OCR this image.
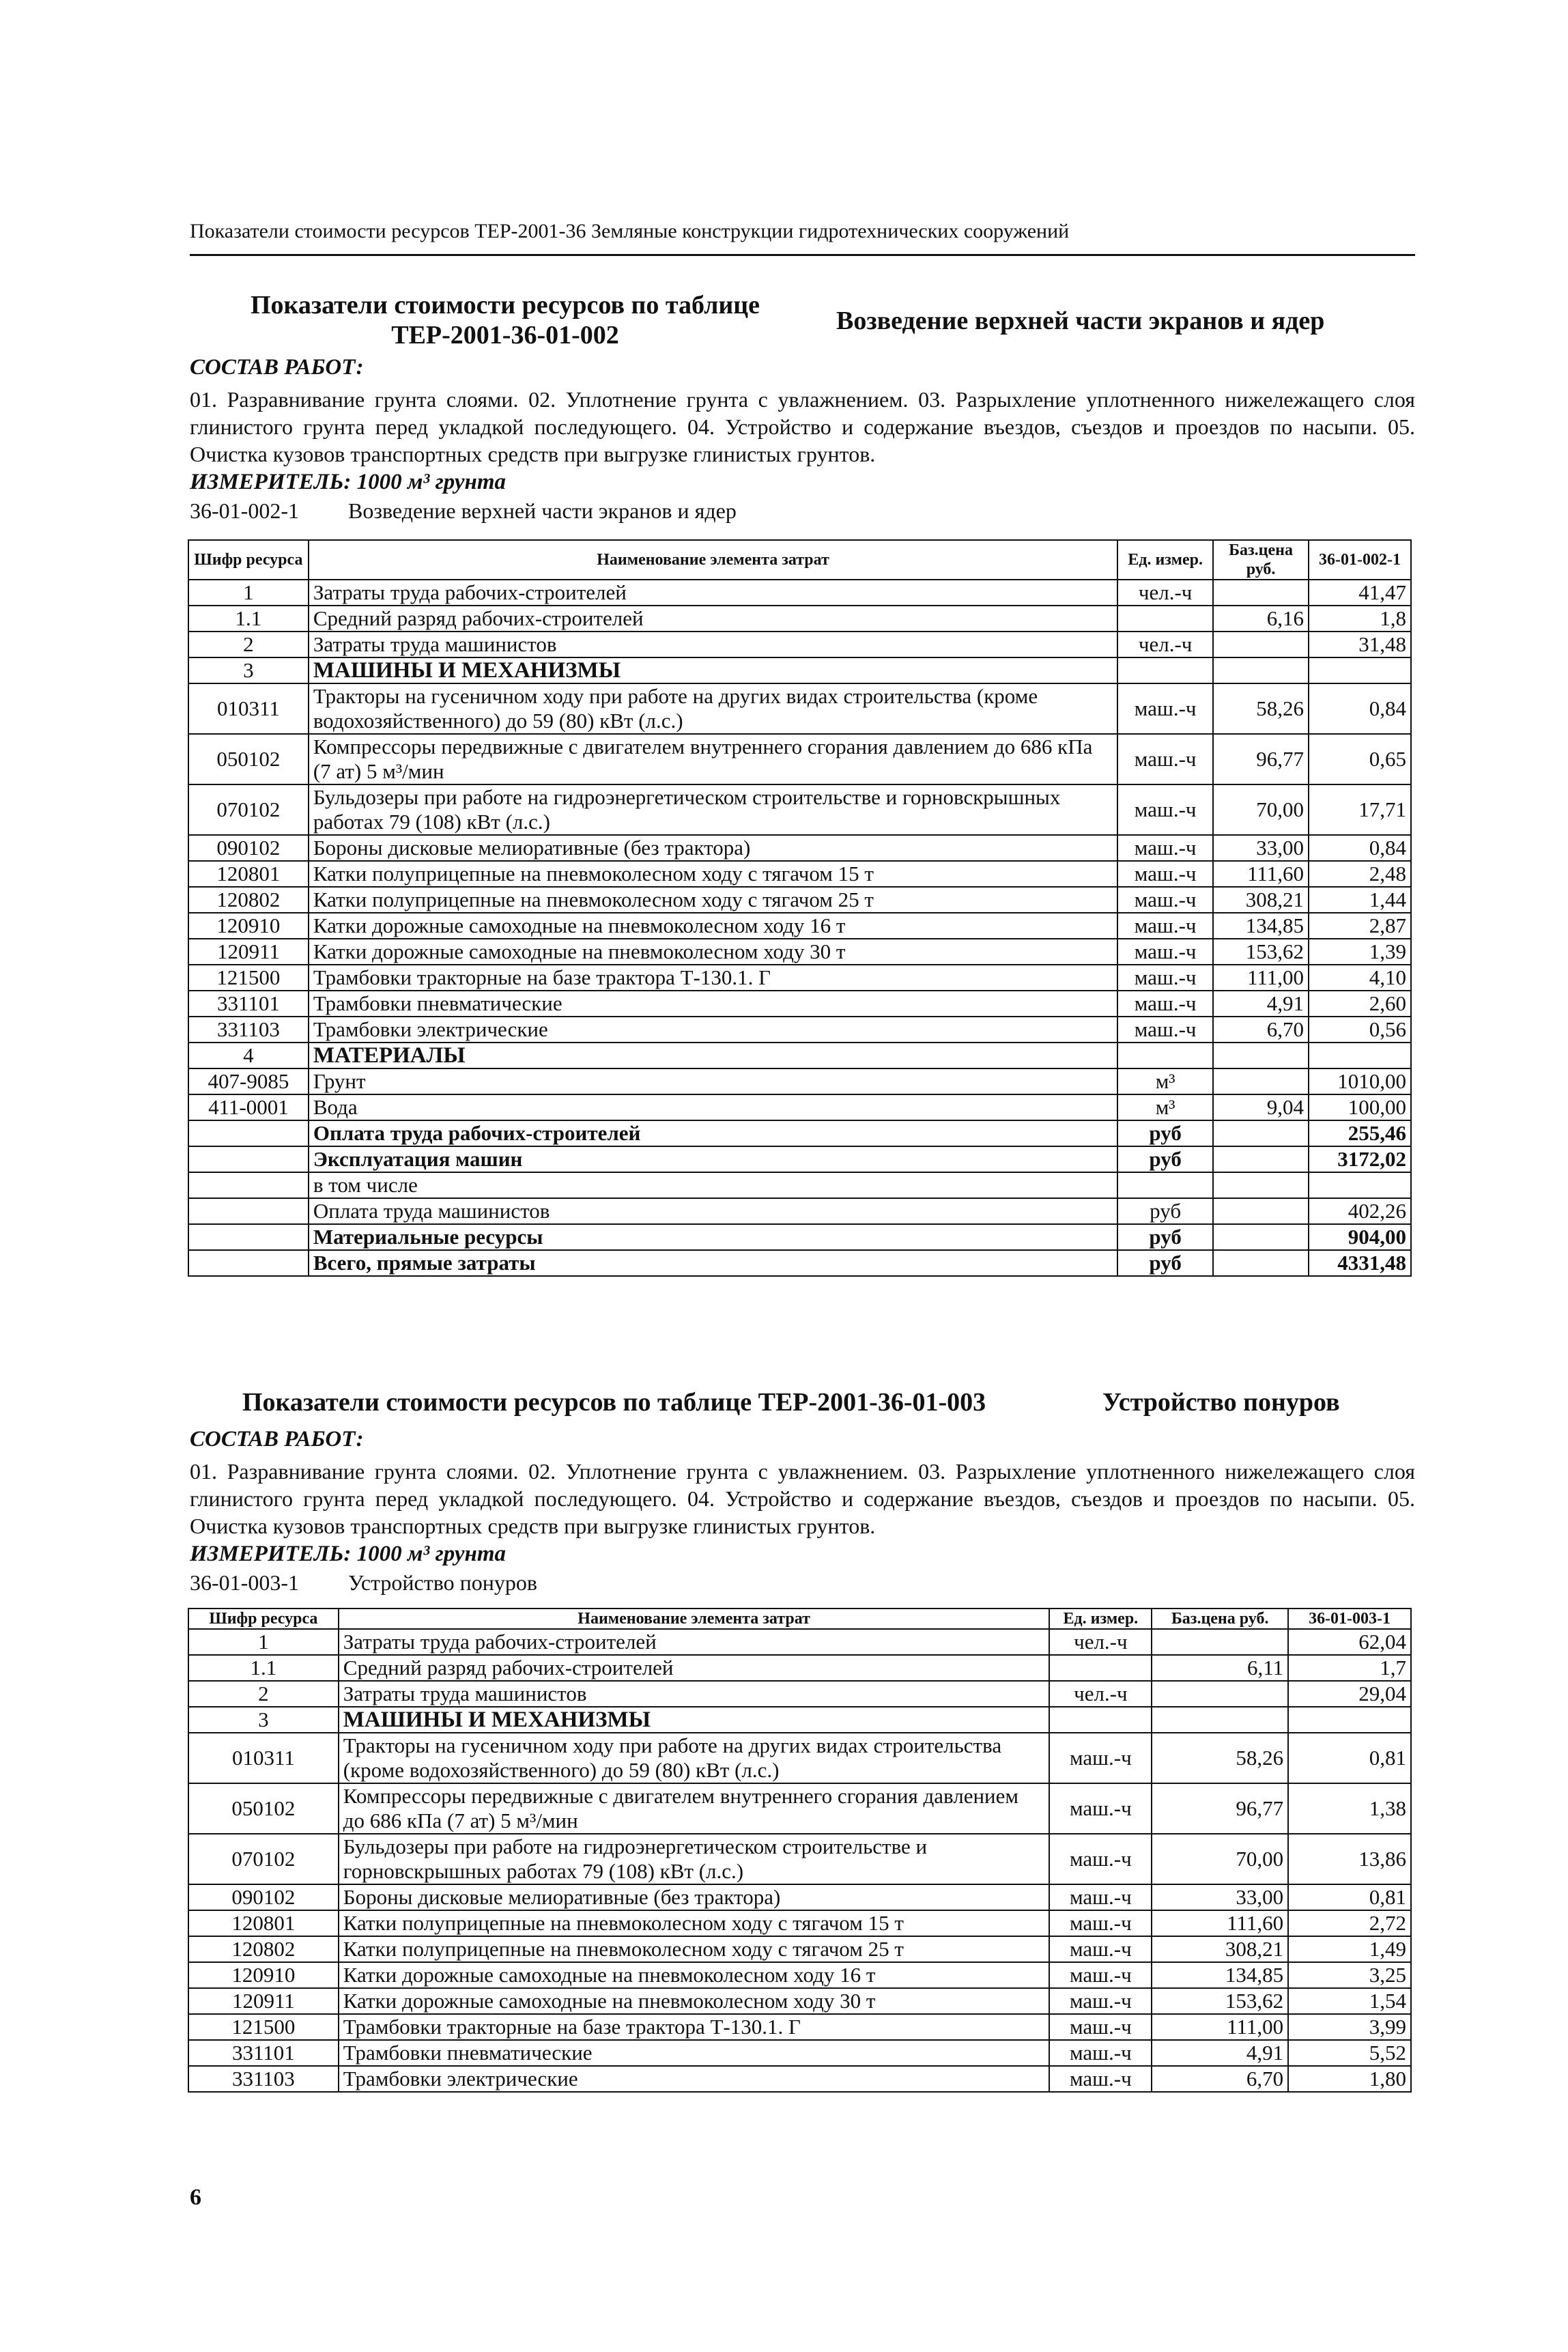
Показатели стоимости ресурсов ТЕР-2001-36 Земляные конструкции гидротехнических сооружений
Показатели стоимости ресурсов по таблице
ТЕР-2001-36-01-002	Возведение верхней части экранов и ядер
СОСТАВ РАБОТ:
01. Разравнивание грунта слоями. 02. Уплотнение грунта с увлажнением. 03. Разрыхление уплотненного нижележащего слоя глинистого грунта перед укладкой последующего. 04. Устройство и содержание въездов, съездов и проездов по насыпи. 05. Очистка кузовов транспортных средств при выгрузке глинистых грунтов.
ИЗМЕРИТЕЛЬ: 1000 м³ грунта
36-01-002-1 Возведение верхней части экранов и ядер
Шифр ресурса	Наименование элемента затрат	Ед. измер.	Баз.цена руб.	36-01-002-1
1	Затраты труда рабочих-строителей	чел.-ч		41,47
1.1	Средний разряд рабочих-строителей		6,16	1,8
2	Затраты труда машинистов	чел.-ч		31,48
3	МАШИНЫ И МЕХАНИЗМЫ			
010311	Тракторы на гусеничном ходу при работе на других видах строительства (кроме водохозяйственного) до 59 (80) кВт (л.с.)	маш.-ч	58,26	0,84
050102	Компрессоры передвижные с двигателем внутреннего сгорания давлением до 686 кПа (7 ат) 5 м³/мин	маш.-ч	96,77	0,65
070102	Бульдозеры при работе на гидроэнергетическом строительстве и горновскрышных работах 79 (108) кВт (л.с.)	маш.-ч	70,00	17,71
090102	Бороны дисковые мелиоративные (без трактора)	маш.-ч	33,00	0,84
120801	Катки полуприцепные на пневмоколесном ходу с тягачом 15 т	маш.-ч	111,60	2,48
120802	Катки полуприцепные на пневмоколесном ходу с тягачом 25 т	маш.-ч	308,21	1,44
120910	Катки дорожные самоходные на пневмоколесном ходу 16 т	маш.-ч	134,85	2,87
120911	Катки дорожные самоходные на пневмоколесном ходу 30 т	маш.-ч	153,62	1,39
121500	Трамбовки тракторные на базе трактора Т-130.1. Г	маш.-ч	111,00	4,10
331101	Трамбовки пневматические	маш.-ч	4,91	2,60
331103	Трамбовки электрические	маш.-ч	6,70	0,56
4	МАТЕРИАЛЫ			
407-9085	Грунт	м³		1010,00
411-0001	Вода	м³	9,04	100,00
	Оплата труда рабочих-строителей	руб		255,46
	Эксплуатация машин	руб		3172,02
	в том числе			
	Оплата труда машинистов	руб		402,26
	Материальные ресурсы	руб		904,00
	Всего, прямые затраты	руб		4331,48
Показатели стоимости ресурсов по таблице ТЕР-2001-36-01-003	Устройство понуров
СОСТАВ РАБОТ:
01. Разравнивание грунта слоями. 02. Уплотнение грунта с увлажнением. 03. Разрыхление уплотненного нижележащего слоя глинистого грунта перед укладкой последующего. 04. Устройство и содержание въездов, съездов и проездов по насыпи. 05. Очистка кузовов транспортных средств при выгрузке глинистых грунтов.
ИЗМЕРИТЕЛЬ: 1000 м³ грунта
36-01-003-1 Устройство понуров
Шифр ресурса	Наименование элемента затрат	Ед. измер.	Баз.цена руб.	36-01-003-1
1	Затраты труда рабочих-строителей	чел.-ч		62,04
1.1	Средний разряд рабочих-строителей		6,11	1,7
2	Затраты труда машинистов	чел.-ч		29,04
3	МАШИНЫ И МЕХАНИЗМЫ			
010311	Тракторы на гусеничном ходу при работе на других видах строительства (кроме водохозяйственного) до 59 (80) кВт (л.с.)	маш.-ч	58,26	0,81
050102	Компрессоры передвижные с двигателем внутреннего сгорания давлением до 686 кПа (7 ат) 5 м³/мин	маш.-ч	96,77	1,38
070102	Бульдозеры при работе на гидроэнергетическом строительстве и горновскрышных работах 79 (108) кВт (л.с.)	маш.-ч	70,00	13,86
090102	Бороны дисковые мелиоративные (без трактора)	маш.-ч	33,00	0,81
120801	Катки полуприцепные на пневмоколесном ходу с тягачом 15 т	маш.-ч	111,60	2,72
120802	Катки полуприцепные на пневмоколесном ходу с тягачом 25 т	маш.-ч	308,21	1,49
120910	Катки дорожные самоходные на пневмоколесном ходу 16 т	маш.-ч	134,85	3,25
120911	Катки дорожные самоходные на пневмоколесном ходу 30 т	маш.-ч	153,62	1,54
121500	Трамбовки тракторные на базе трактора Т-130.1. Г	маш.-ч	111,00	3,99
331101	Трамбовки пневматические	маш.-ч	4,91	5,52
331103	Трамбовки электрические	маш.-ч	6,70	1,80
6
